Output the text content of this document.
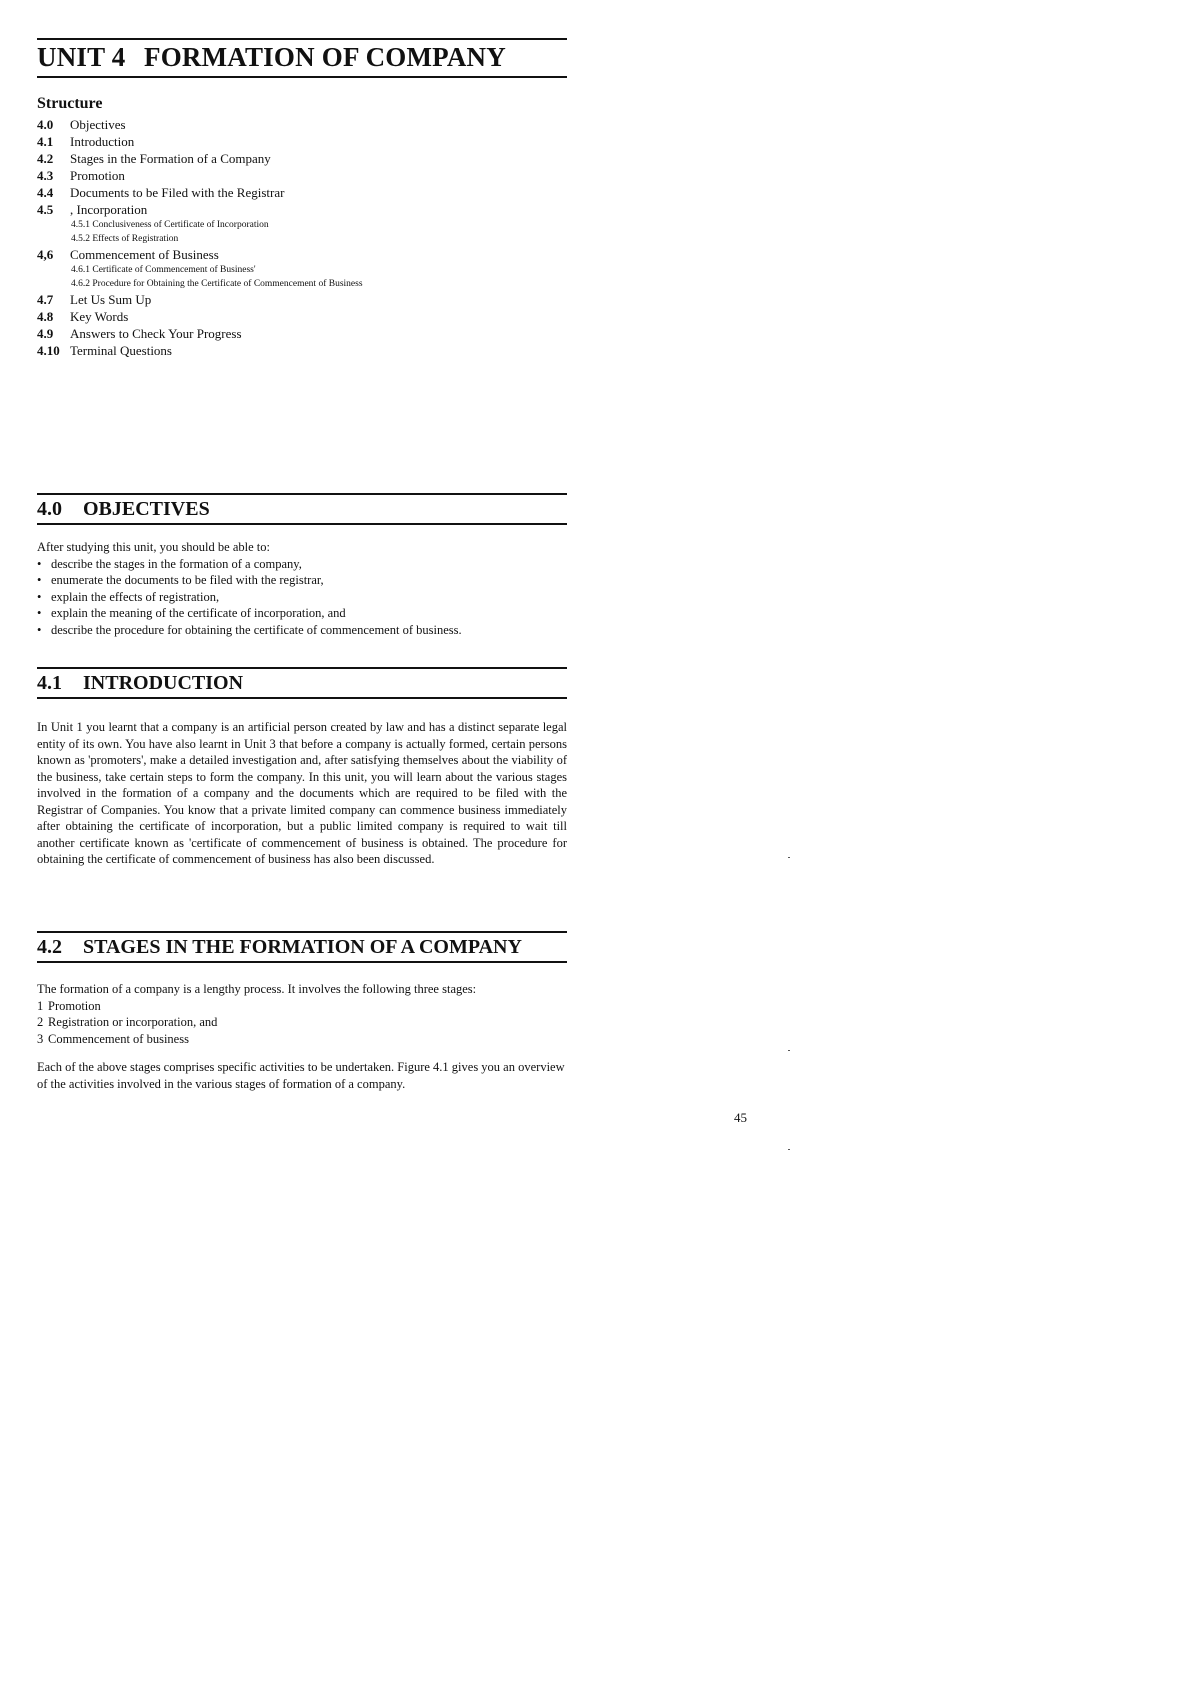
UNIT 4 FORMATION OF COMPANY
Structure
4.0 Objectives
4.1 Introduction
4.2 Stages in the Formation of a Company
4.3 Promotion
4.4 Documents to be Filed with the Registrar
4.5 , Incorporation
4.5.1 Conclusiveness of Certificate of Incorporation
4.5.2 Effects of Registration
4,6 Commencement of Business
4.6.1 Certificate of Commencement of Business'
4.6.2 Procedure for Obtaining the Certificate of Commencement of Business
4.7 Let Us Sum Up
4.8 Key Words
4.9 Answers to Check Your Progress
4.10 Terminal Questions
4.0 OBJECTIVES

After studying this unit, you should be able to:

• describe the stages in the formation of a company,
• enumerate the documents to be filed with the registrar,
• explain the effects of registration,
• explain the meaning of the certificate of incorporation, and
• describe the procedure for obtaining the certificate of commencement of business.
4.1 INTRODUCTION

In Unit 1 you learnt that a company is an artificial person created by law and has a distinct separate legal entity of its own. You have also learnt in Unit 3 that before a company is actually formed, certain persons known as 'promoters', make a detailed investigation and, after satisfying themselves about the viability of the business, take certain steps to form the company. In this unit, you will learn about the various stages involved in the formation of a company and the documents which are required to be filed with the Registrar of Companies. You know that a private limited company can commence business immediately after obtaining the certificate of incorporation, but a public limited company is required to wait till another certificate known as 'certificate of commencement of business is obtained. The procedure for obtaining the certificate of commencement of business has also been discussed.

4.2 STAGES IN THE FORMATION OF A COMPANY

The formation of a company is a lengthy process. It involves the following three stages:

1 Promotion
2 Registration or incorporation, and
3 Commencement of business

Each of the above stages comprises specific activities to be undertaken. Figure 4.1 gives you an overview of the activities involved in the various stages of formation of a company.

45
